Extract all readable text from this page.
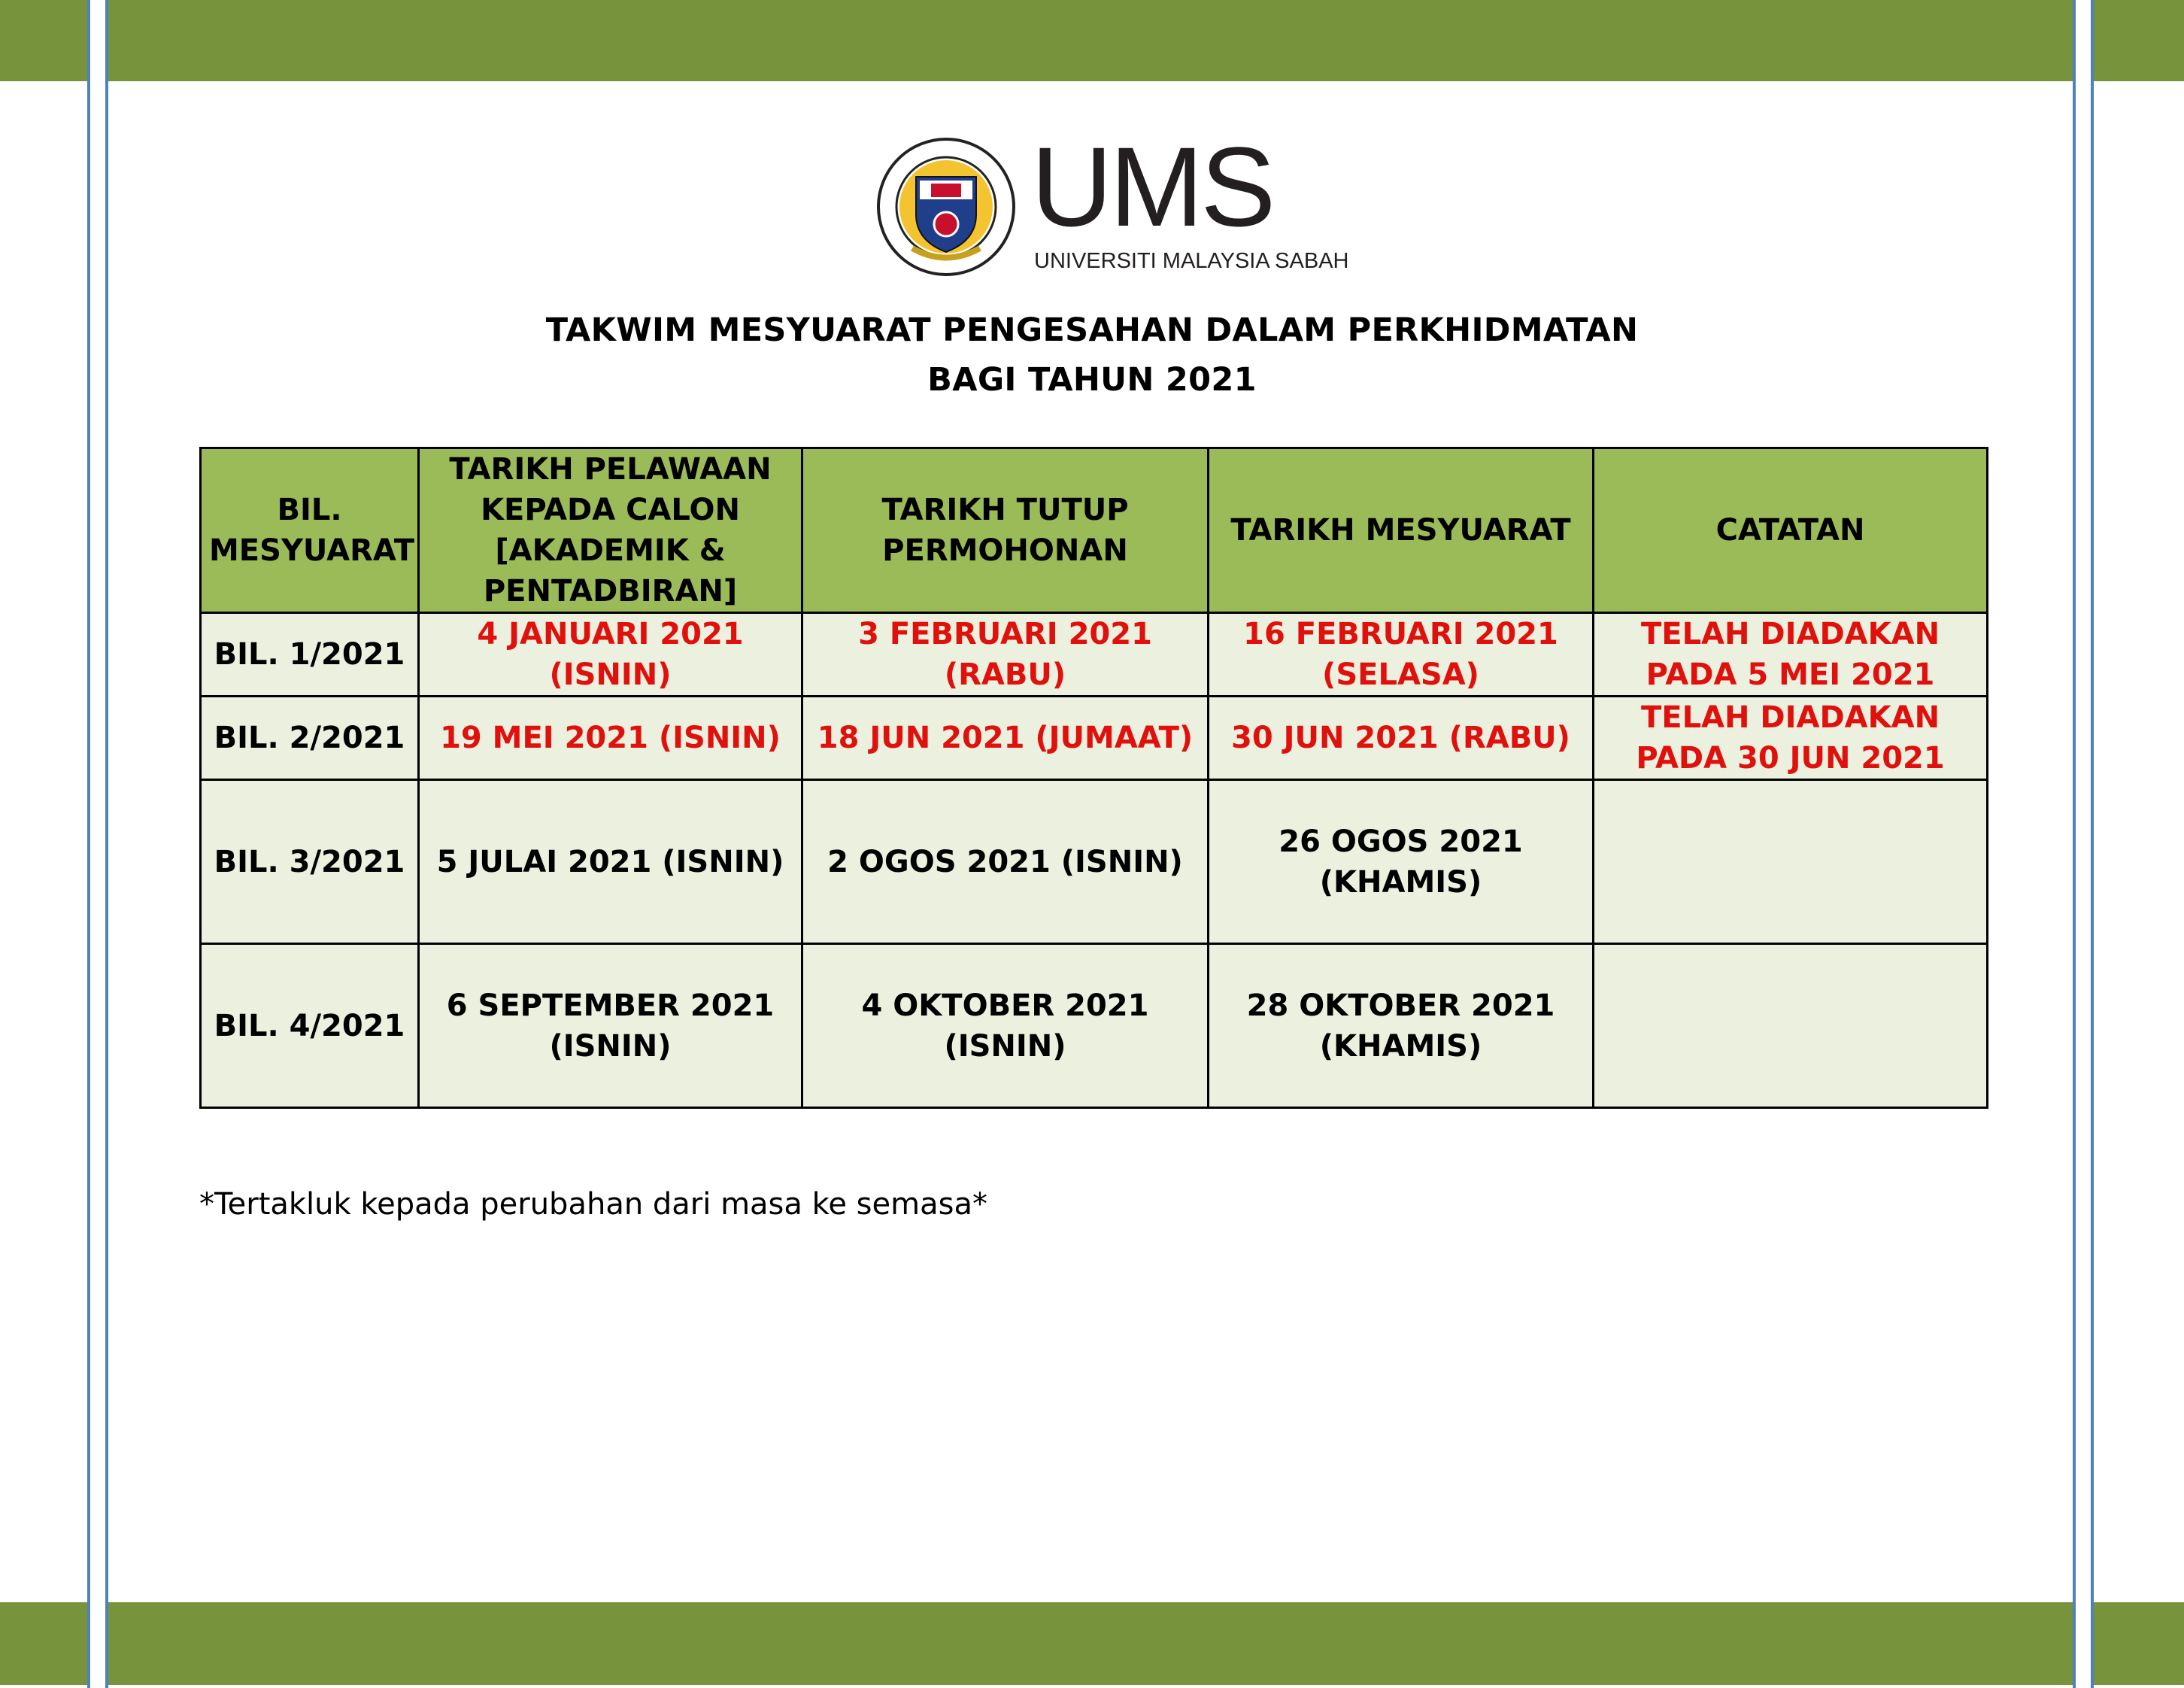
UMS
UNIVERSITI MALAYSIA SABAH
TAKWIM MESYUARAT PENGESAHAN DALAM PERKHIDMATAN
BAGI TAHUN 2021
BIL. MESYUARAT	TARIKH PELAWAAN KEPADA CALON [AKADEMIK & PENTADBIRAN]	TARIKH TUTUP PERMOHONAN	TARIKH MESYUARAT	CATATAN
BIL. 1/2021	4 JANUARI 2021 (ISNIN)	3 FEBRUARI 2021 (RABU)	16 FEBRUARI 2021 (SELASA)	TELAH DIADAKAN PADA 5 MEI 2021
BIL. 2/2021	19 MEI 2021 (ISNIN)	18 JUN 2021 (JUMAAT)	30 JUN 2021 (RABU)	TELAH DIADAKAN PADA 30 JUN 2021
BIL. 3/2021	5 JULAI 2021 (ISNIN)	2 OGOS 2021 (ISNIN)	26 OGOS 2021 (KHAMIS)	
BIL. 4/2021	6 SEPTEMBER 2021 (ISNIN)	4 OKTOBER 2021 (ISNIN)	28 OKTOBER 2021 (KHAMIS)	
*Tertakluk kepada perubahan dari masa ke semasa*
